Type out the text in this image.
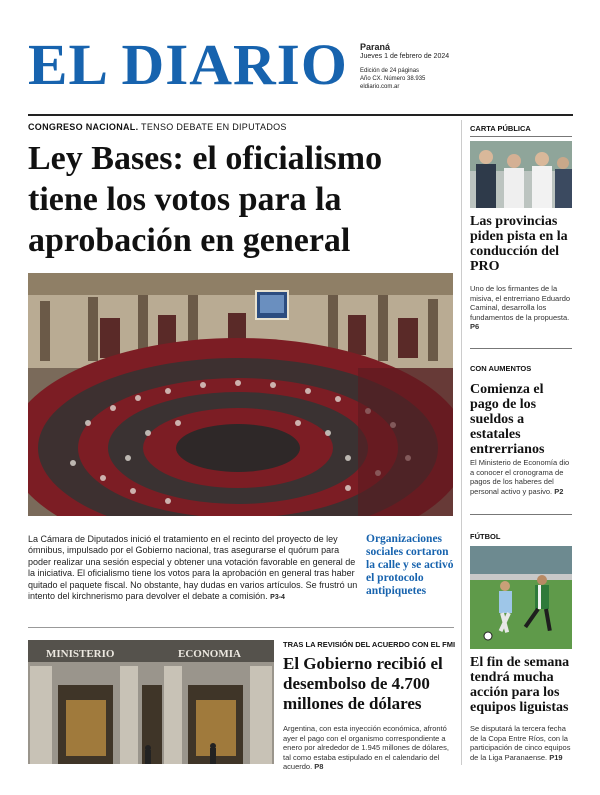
EL DIARIO	Paraná
Jueves 1 de febrero de 2024
Edición de 24 páginas
Año CX. Número 38.935
eldiario.com.ar
CONGRESO NACIONAL. TENSO DEBATE EN DIPUTADOS
Ley Bases: el oficialismo tiene los votos para la aprobación en general

La Cámara de Diputados inició el tratamiento en el recinto del proyecto de ley ómnibus, impulsado por el Gobierno nacional, tras asegurarse el quórum para poder realizar una sesión especial y obtener una votación favorable en general de la iniciativa. El oficialismo tiene los votos para la aprobación en general tras haber quitado el paquete fiscal. No obstante, hay dudas en varios artículos. Se frustró un intento del kirchnerismo para devolver el debate a comisión. P3-4

Organizaciones sociales cortaron la calle y se activó el protocolo antipiquetes
MINISTERIO	ECONOMIA
TRAS LA REVISIÓN DEL ACUERDO CON EL FMI
El Gobierno recibió el desembolso de 4.700 millones de dólares

Argentina, con esta inyección económica, afrontó ayer el pago con el organismo correspondiente a enero por alrededor de 1.945 millones de dólares, tal como estaba estipulado en el calendario del acuerdo. P8

CARTA PÚBLICA
Las provincias piden pista en la conducción del PRO

Uno de los firmantes de la misiva, el entrerriano Eduardo Caminal, desarrolla los fundamentos de la propuesta. P6

CON AUMENTOS
Comienza el pago de los sueldos a estatales entrerrianos

El Ministerio de Economía dio a conocer el cronograma de pagos de los haberes del personal activo y pasivo. P2

FÚTBOL
El fin de semana tendrá mucha acción para los equipos liguistas

Se disputará la tercera fecha de la Copa Entre Ríos, con la participación de cinco equipos de la Liga Paranaense. P19
